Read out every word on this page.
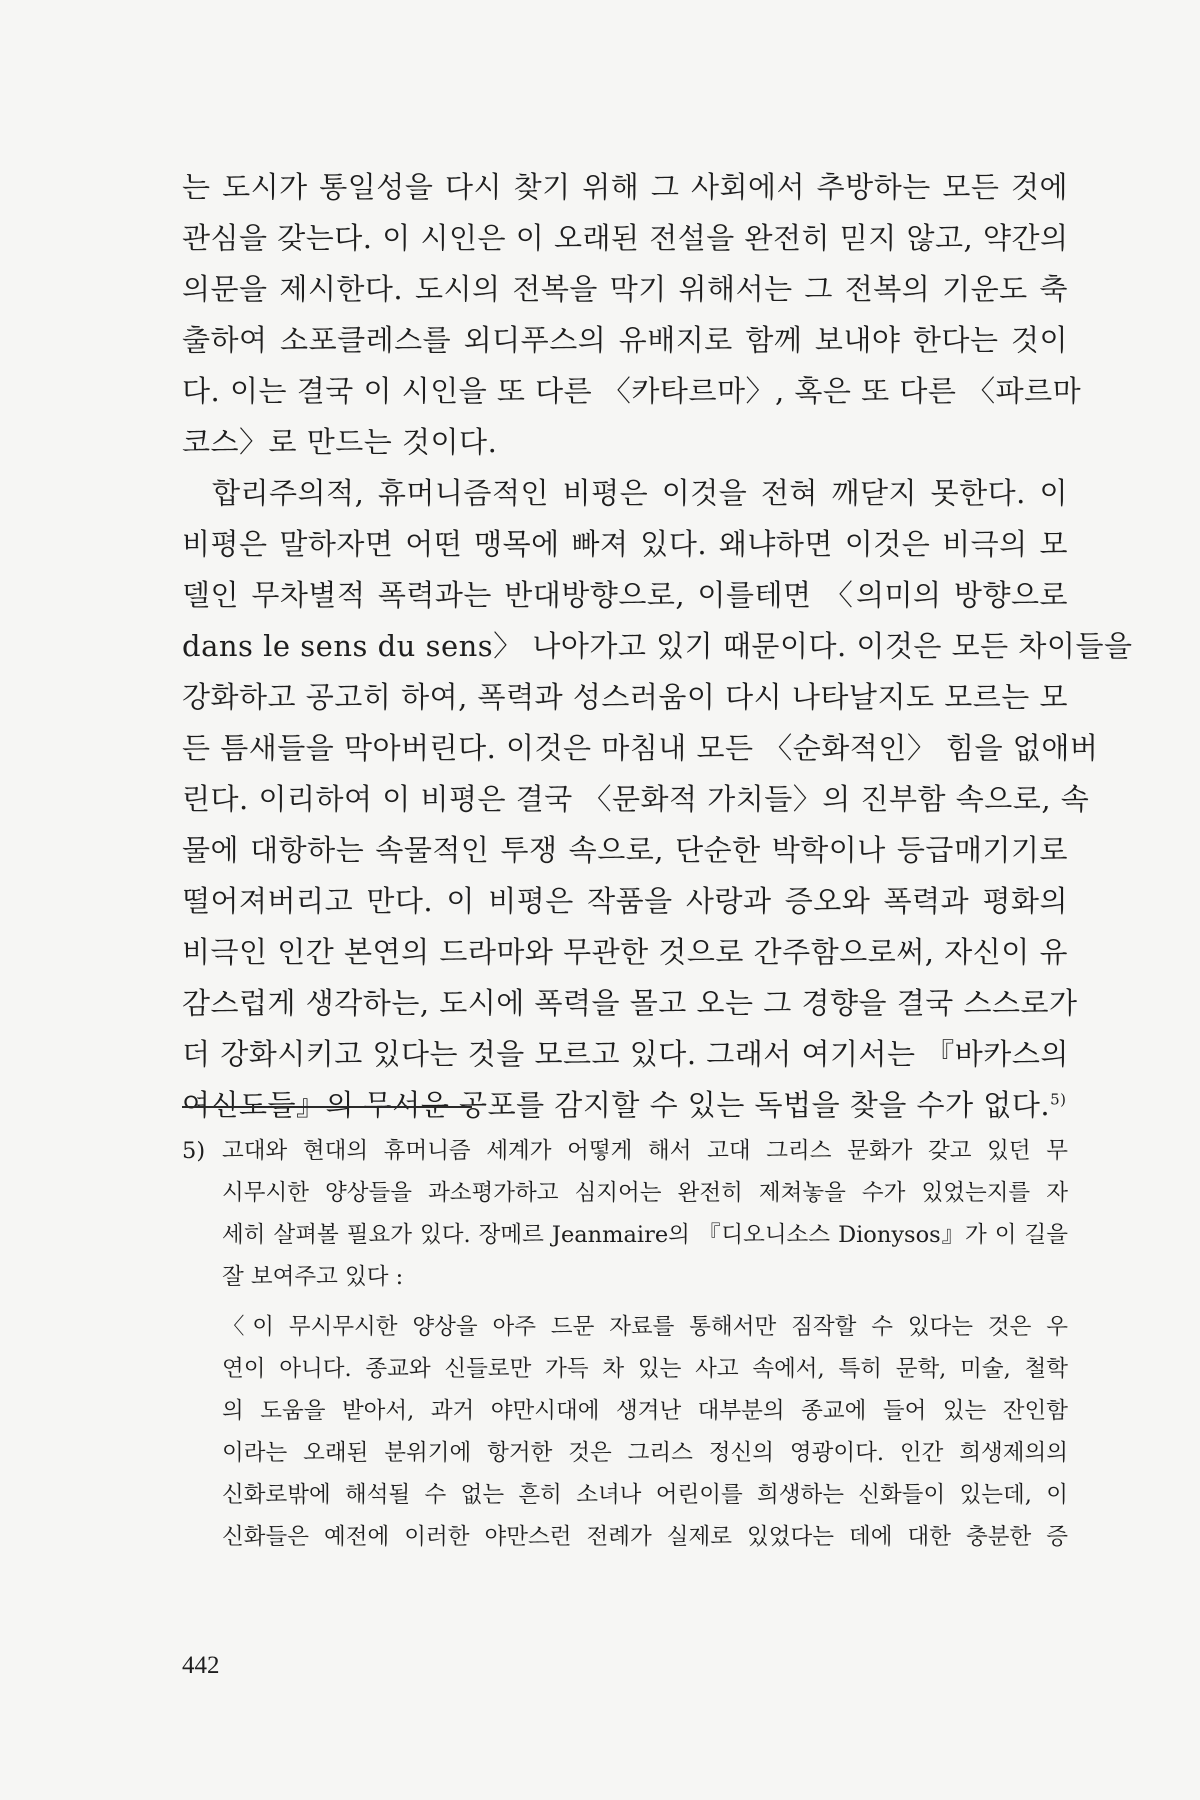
는 도시가 통일성을 다시 찾기 위해 그 사회에서 추방하는 모든 것에
관심을 갖는다. 이 시인은 이 오래된 전설을 완전히 믿지 않고, 약간의
의문을 제시한다. 도시의 전복을 막기 위해서는 그 전복의 기운도 축
출하여 소포클레스를 외디푸스의 유배지로 함께 보내야 한다는 것이
다. 이는 결국 이 시인을 또 다른 〈카타르마〉, 혹은 또 다른 〈파르마
코스〉로 만드는 것이다.
합리주의적, 휴머니즘적인 비평은 이것을 전혀 깨닫지 못한다. 이
비평은 말하자면 어떤 맹목에 빠져 있다. 왜냐하면 이것은 비극의 모
델인 무차별적 폭력과는 반대방향으로, 이를테면 〈의미의 방향으로
dans le sens du sens〉 나아가고 있기 때문이다. 이것은 모든 차이들을
강화하고 공고히 하여, 폭력과 성스러움이 다시 나타날지도 모르는 모
든 틈새들을 막아버린다. 이것은 마침내 모든 〈순화적인〉 힘을 없애버
린다. 이리하여 이 비평은 결국 〈문화적 가치들〉의 진부함 속으로, 속
물에 대항하는 속물적인 투쟁 속으로, 단순한 박학이나 등급매기기로
떨어져버리고 만다. 이 비평은 작품을 사랑과 증오와 폭력과 평화의
비극인 인간 본연의 드라마와 무관한 것으로 간주함으로써, 자신이 유
감스럽게 생각하는, 도시에 폭력을 몰고 오는 그 경향을 결국 스스로가
더 강화시키고 있다는 것을 모르고 있다. 그래서 여기서는 『바카스의
여신도들』의 무서운 공포를 감지할 수 있는 독법을 찾을 수가 없다.$^{5)}$
5) 고대와 현대의 휴머니즘 세계가 어떻게 해서 고대 그리스 문화가 갖고 있던 무
시무시한 양상들을 과소평가하고 심지어는 완전히 제쳐놓을 수가 있었는지를 자
세히 살펴볼 필요가 있다. 장메르 Jeanmaire의 『디오니소스 Dionysos』가 이 길을
잘 보여주고 있다 :
〈이 무시무시한 양상을 아주 드문 자료를 통해서만 짐작할 수 있다는 것은 우
연이 아니다. 종교와 신들로만 가득 차 있는 사고 속에서, 특히 문학, 미술, 철학
의 도움을 받아서, 과거 야만시대에 생겨난 대부분의 종교에 들어 있는 잔인함
이라는 오래된 분위기에 항거한 것은 그리스 정신의 영광이다. 인간 희생제의의
신화로밖에 해석될 수 없는 흔히 소녀나 어린이를 희생하는 신화들이 있는데, 이
신화들은 예전에 이러한 야만스런 전례가 실제로 있었다는 데에 대한 충분한 증
442
